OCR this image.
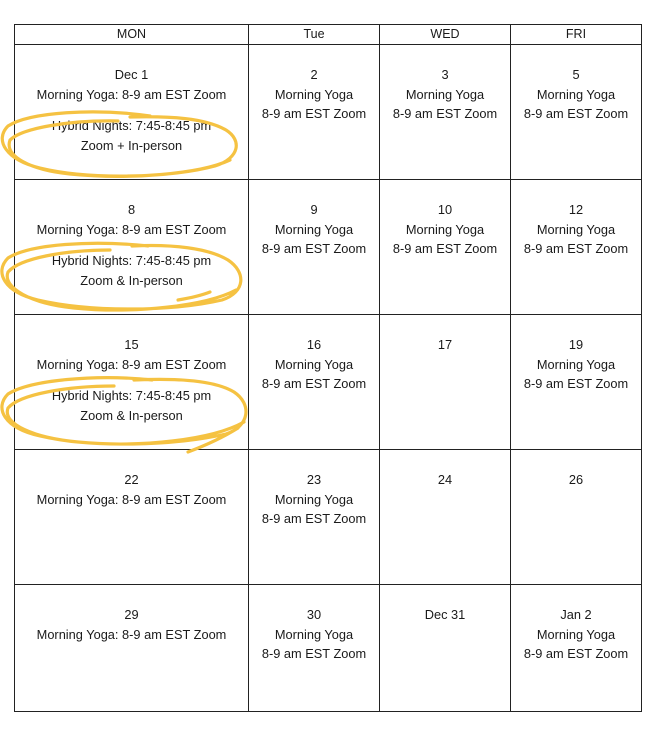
MON	Tue	WED	FRI

Dec 1
Morning Yoga: 8-9 am EST Zoom
Hybrid Nights: 7:45-8:45 pm
Zoom + In-person	2
Morning Yoga
8-9 am EST Zoom	3
Morning Yoga
8-9 am EST Zoom	5
Morning Yoga
8-9 am EST Zoom

8
Morning Yoga: 8-9 am EST Zoom
Hybrid Nights: 7:45-8:45 pm
Zoom & In-person	9
Morning Yoga
8-9 am EST Zoom	10
Morning Yoga
8-9 am EST Zoom	12
Morning Yoga
8-9 am EST Zoom

15
Morning Yoga: 8-9 am EST Zoom
Hybrid Nights: 7:45-8:45 pm
Zoom & In-person	16
Morning Yoga
8-9 am EST Zoom	17	19
Morning Yoga
8-9 am EST Zoom

22
Morning Yoga: 8-9 am EST Zoom	23
Morning Yoga
8-9 am EST Zoom	24	26

29
Morning Yoga: 8-9 am EST Zoom	30
Morning Yoga
8-9 am EST Zoom	Dec 31	Jan 2
Morning Yoga
8-9 am EST Zoom
